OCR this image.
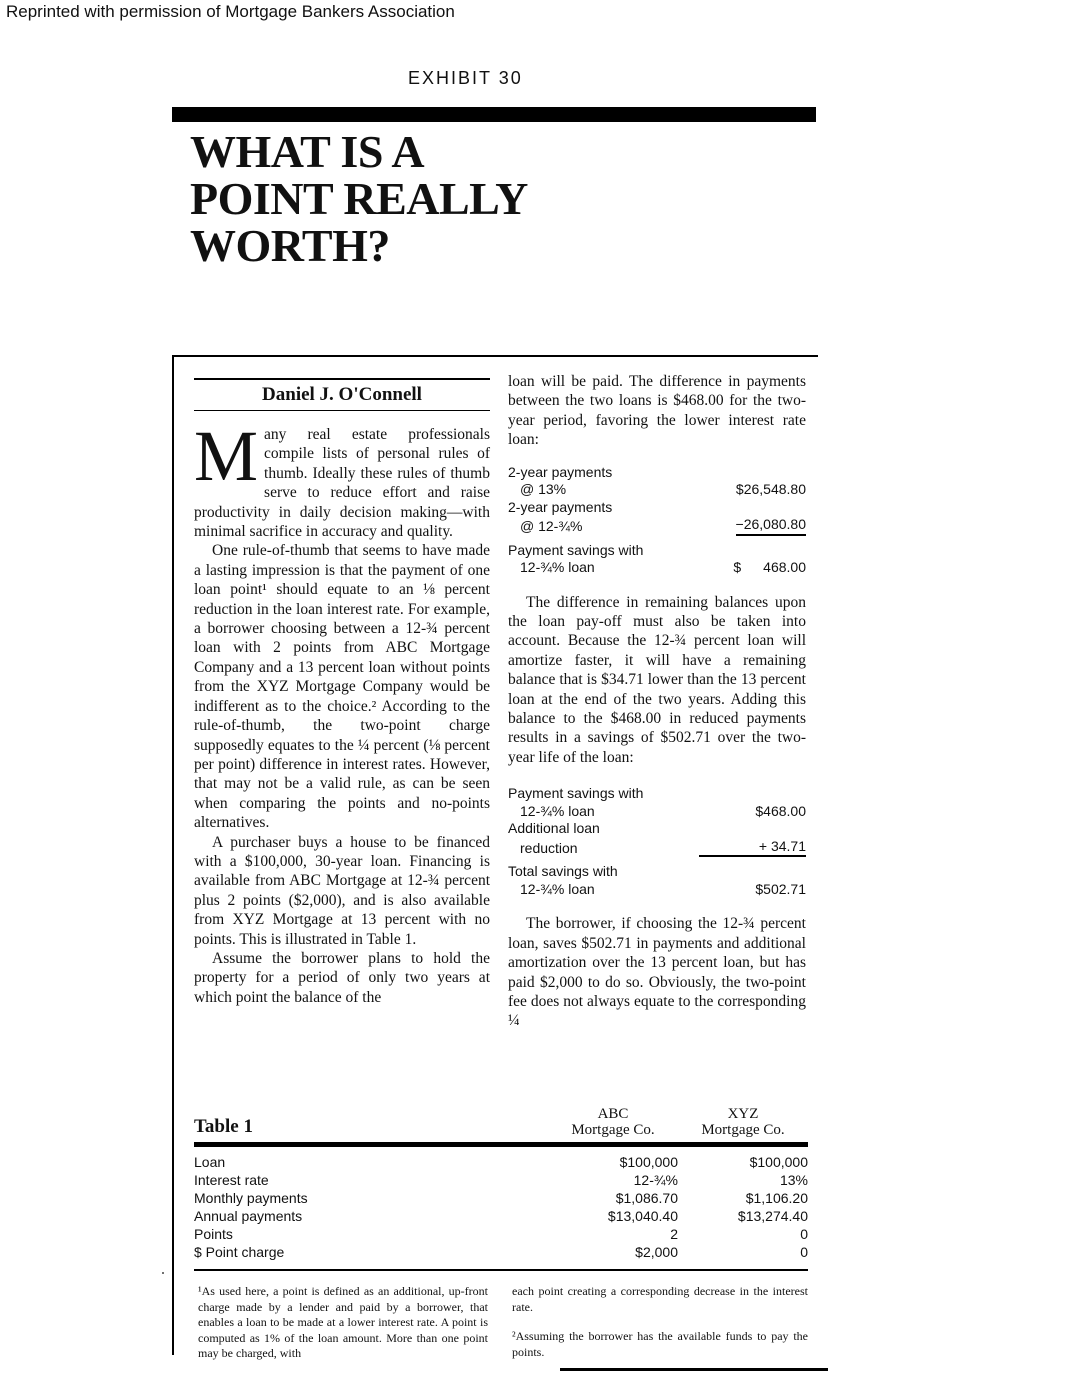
Reprinted with permission of Mortgage Bankers Association
EXHIBIT 30
WHAT IS A
POINT REALLY
WORTH?
Daniel J. O'Connell

Many real estate professionals compile lists of personal rules of thumb. Ideally these rules of thumb serve to reduce effort and raise productivity in daily decision making—with minimal sacrifice in accuracy and quality.

One rule-of-thumb that seems to have made a lasting impression is that the payment of one loan point¹ should equate to an ⅛ percent reduction in the loan interest rate. For example, a borrower choosing between a 12-¾ percent loan with 2 points from ABC Mortgage Company and a 13 percent loan without points from the XYZ Mortgage Company would be indifferent as to the choice.² According to the rule-of-thumb, the two-point charge supposedly equates to the ¼ percent (⅛ percent per point) difference in interest rates. However, that may not be a valid rule, as can be seen when comparing the points and no-points alternatives.

A purchaser buys a house to be financed with a $100,000, 30-year loan. Financing is available from ABC Mortgage at 12-¾ percent plus 2 points ($2,000), and is also available from XYZ Mortgage at 13 percent with no points. This is illustrated in Table 1.

Assume the borrower plans to hold the property for a period of only two years at which point the balance of the

loan will be paid. The difference in payments between the two loans is $468.00 for the two-year period, favoring the lower interest rate loan:

2-year payments
@ 13%	$26,548.80
2-year payments
@ 12-¾%	−26,080.80
Payment savings with
12-¾% loan	$ 468.00

The difference in remaining balances upon the loan pay-off must also be taken into account. Because the 12-¾ percent loan will amortize faster, it will have a remaining balance that is $34.71 lower than the 13 percent loan at the end of the two years. Adding this balance to the $468.00 in reduced payments results in a savings of $502.71 over the two-year life of the loan:

Payment savings with
12-¾% loan	$468.00
Additional loan
reduction	+ 34.71
Total savings with
12-¾% loan	$502.71

The borrower, if choosing the 12-¾ percent loan, saves $502.71 in payments and additional amortization over the 13 percent loan, but has paid $2,000 to do so. Obviously, the two-point fee does not always equate to the corresponding ¼

Table 1
ABC
Mortgage Co.
XYZ
Mortgage Co.
Loan	$100,000	$100,000
Interest rate	12-¾%	13%
Monthly payments	$1,086.70	$1,106.20
Annual payments	$13,040.40	$13,274.40
Points	2	0
$ Point charge	$2,000	0
¹As used here, a point is defined as an additional, up-front charge made by a lender and paid by a borrower, that enables a loan to be made at a lower interest rate. A point is computed as 1% of the loan amount. More than one point may be charged, with

each point creating a corresponding decrease in the interest rate.

²Assuming the borrower has the available funds to pay the points.
